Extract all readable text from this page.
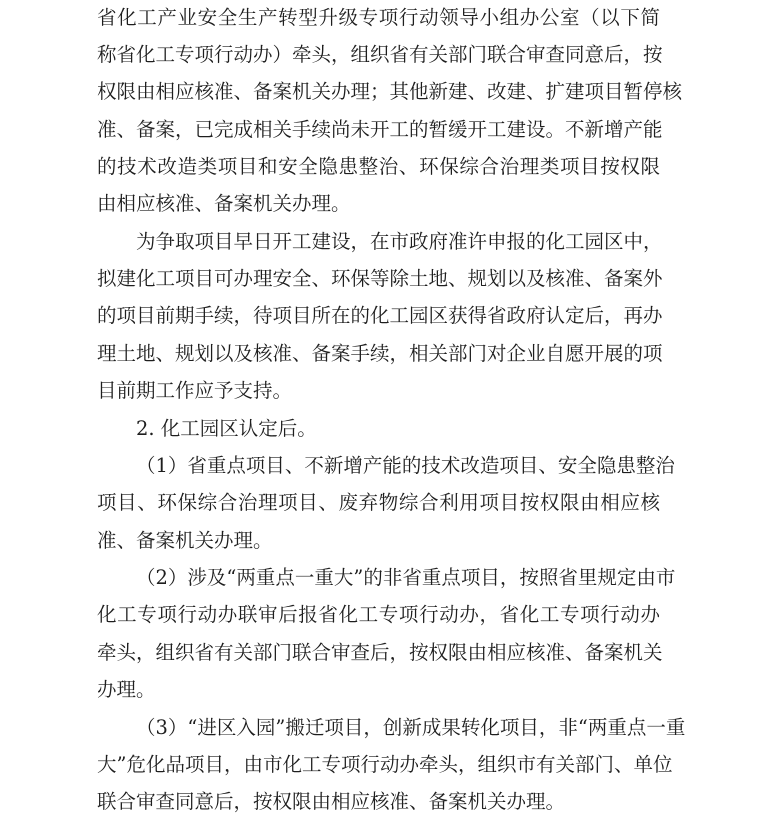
省化工产业安全生产转型升级专项行动领导小组办公室（以下简
称省化工专项行动办）牵头，组织省有关部门联合审查同意后，按
权限由相应核准、备案机关办理；其他新建、改建、扩建项目暂停核
准、备案，已完成相关手续尚未开工的暂缓开工建设。不新增产能
的技术改造类项目和安全隐患整治、环保综合治理类项目按权限
由相应核准、备案机关办理。
为争取项目早日开工建设，在市政府准许申报的化工园区中，
拟建化工项目可办理安全、环保等除土地、规划以及核准、备案外
的项目前期手续，待项目所在的化工园区获得省政府认定后，再办
理土地、规划以及核准、备案手续，相关部门对企业自愿开展的项
目前期工作应予支持。
2. 化工园区认定后。
（1）省重点项目、不新增产能的技术改造项目、安全隐患整治
项目、环保综合治理项目、废弃物综合利用项目按权限由相应核
准、备案机关办理。
（2）涉及“两重点一重大”的非省重点项目，按照省里规定由市
化工专项行动办联审后报省化工专项行动办，省化工专项行动办
牵头，组织省有关部门联合审查后，按权限由相应核准、备案机关
办理。
（3）“进区入园”搬迁项目，创新成果转化项目，非“两重点一重
大”危化品项目，由市化工专项行动办牵头，组织市有关部门、单位
联合审查同意后，按权限由相应核准、备案机关办理。
